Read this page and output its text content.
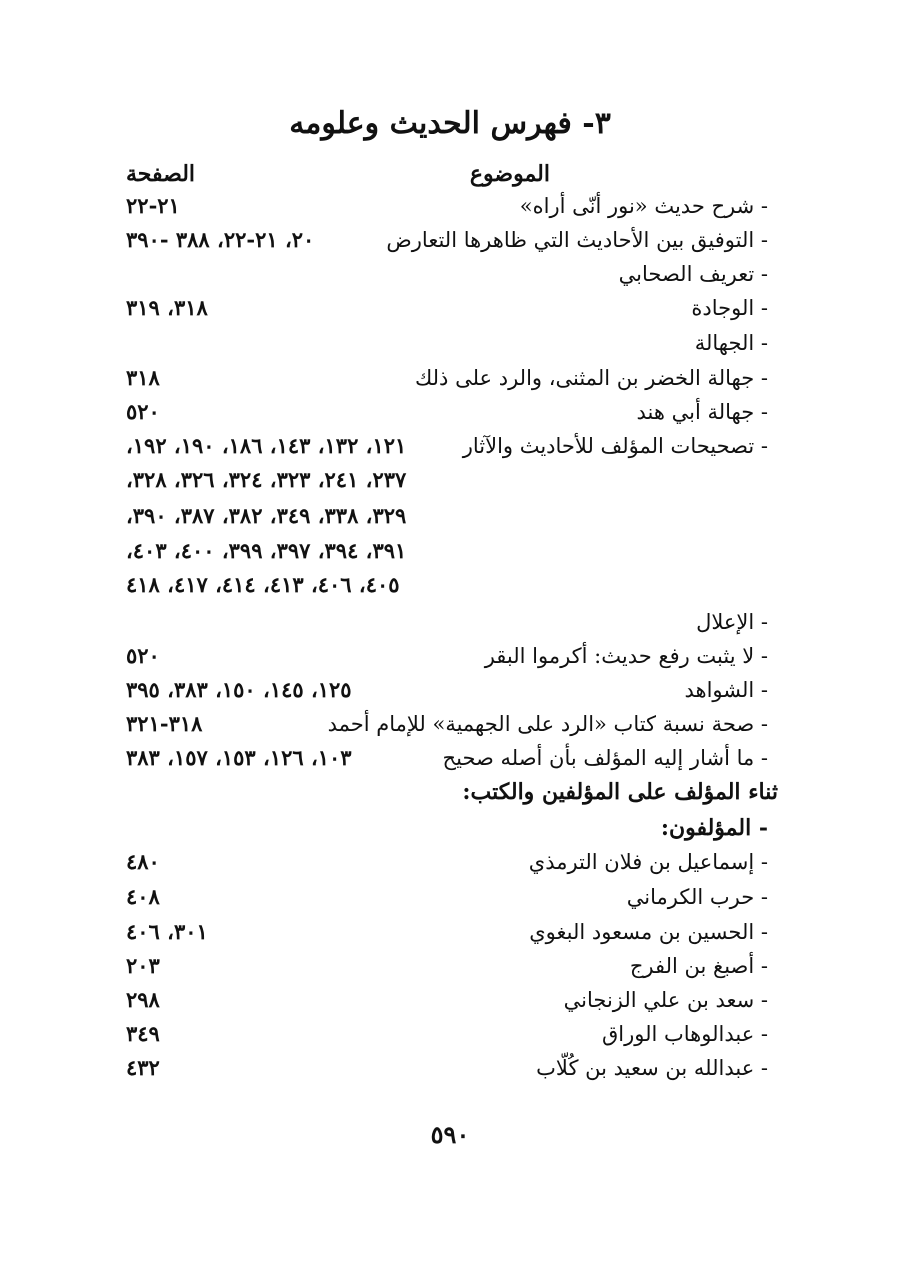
٣- فهرس الحديث وعلومه
الموضوع
الصفحة
- شرح حديث «نور أنّى أراه»
٢١-٢٢
- التوفيق بين الأحاديث التي ظاهرها التعارض
٢٠، ٢١-٢٢، ٣٨٨ -٣٩٠
- تعريف الصحابي
- الوجادة
٣١٨، ٣١٩
- الجهالة
- جهالة الخضر بن المثنى، والرد على ذلك
٣١٨
- جهالة أبي هند
٥٢٠
- تصحيحات المؤلف للأحاديث والآثار
١٢١، ١٣٢، ١٤٣، ١٨٦، ١٩٠، ١٩٢،
٢٣٧، ٢٤١، ٣٢٣، ٣٢٤، ٣٢٦، ٣٢٨،
٣٢٩، ٣٣٨، ٣٤٩، ٣٨٢، ٣٨٧، ٣٩٠،
٣٩١، ٣٩٤، ٣٩٧، ٣٩٩، ٤٠٠، ٤٠٣،
٤٠٥، ٤٠٦، ٤١٣، ٤١٤، ٤١٧، ٤١٨
- الإعلال
- لا يثبت رفع حديث: أكرموا البقر
٥٢٠
- الشواهد
١٢٥، ١٤٥، ١٥٠، ٣٨٣، ٣٩٥
- صحة نسبة كتاب «الرد على الجهمية» للإمام أحمد
٣١٨-٣٢١
- ما أشار إليه المؤلف بأن أصله صحيح
١٠٣، ١٢٦، ١٥٣، ١٥٧، ٣٨٣
ثناء المؤلف على المؤلفين والكتب:
- المؤلفون:
- إسماعيل بن فلان الترمذي
٤٨٠
- حرب الكرماني
٤٠٨
- الحسين بن مسعود البغوي
٣٠١، ٤٠٦
- أصبغ بن الفرج
٢٠٣
- سعد بن علي الزنجاني
٢٩٨
- عبدالوهاب الوراق
٣٤٩
- عبدالله بن سعيد بن كُلّاب
٤٣٢
٥٩٠
